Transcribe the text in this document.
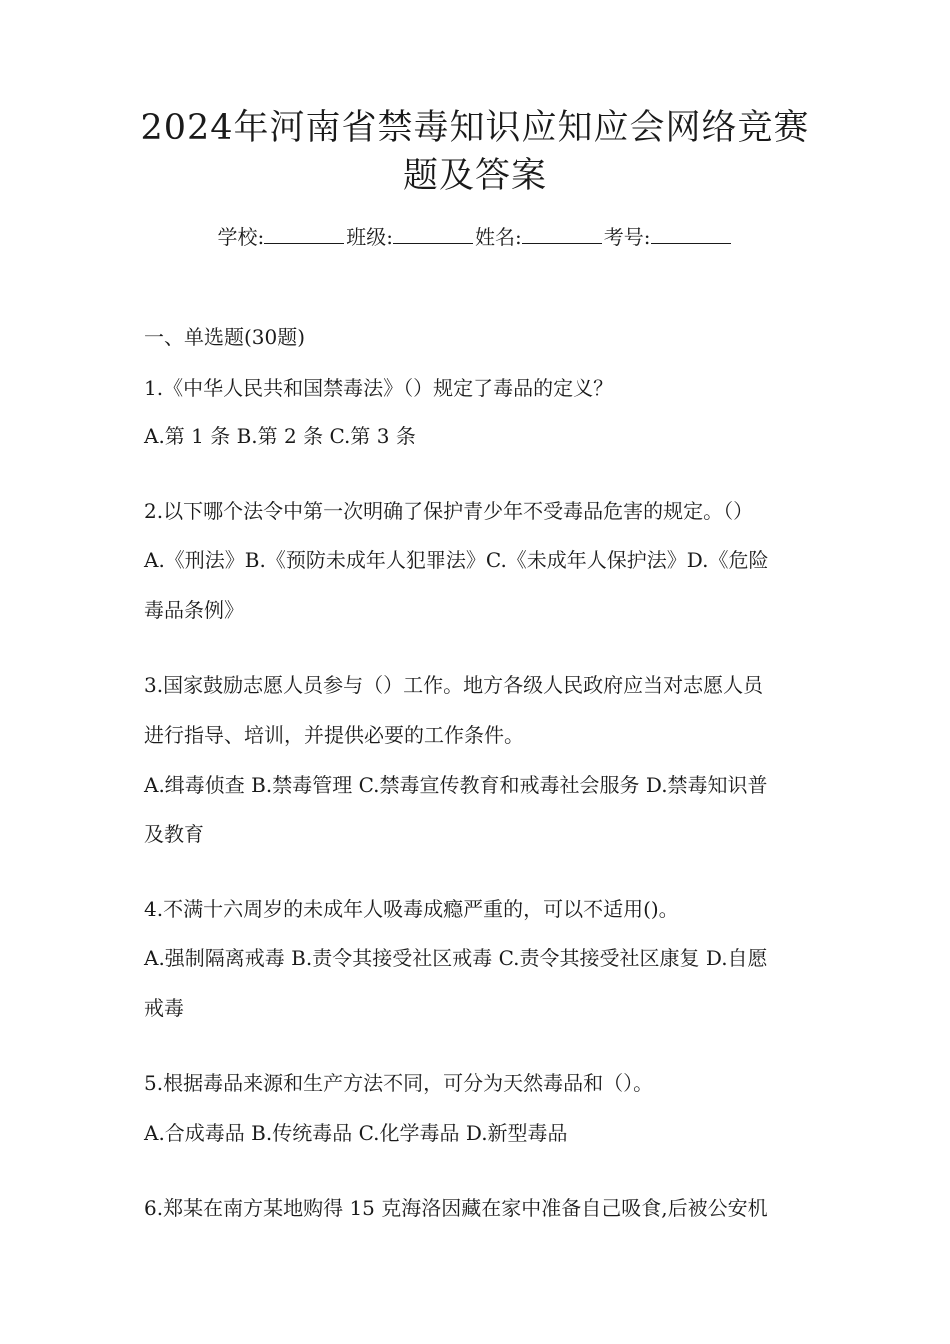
2024年河南省禁毒知识应知应会网络竞赛
题及答案
学校:	班级:	姓名:	考号:
一、单选题(30题)
1.《中华人民共和国禁毒法》（）规定了毒品的定义？
A.第 1 条 B.第 2 条 C.第 3 条
2.以下哪个法令中第一次明确了保护青少年不受毒品危害的规定。（）
A.《刑法》B.《预防未成年人犯罪法》C.《未成年人保护法》D.《危险
毒品条例》
3.国家鼓励志愿人员参与（）工作。地方各级人民政府应当对志愿人员
进行指导、培训，并提供必要的工作条件。
A.缉毒侦查 B.禁毒管理 C.禁毒宣传教育和戒毒社会服务 D.禁毒知识普
及教育
4.不满十六周岁的未成年人吸毒成瘾严重的，可以不适用()。
A.强制隔离戒毒 B.责令其接受社区戒毒 C.责令其接受社区康复 D.自愿
戒毒
5.根据毒品来源和生产方法不同，可分为天然毒品和（）。
A.合成毒品 B.传统毒品 C.化学毒品 D.新型毒品
6.郑某在南方某地购得 15 克海洛因藏在家中准备自己吸食,后被公安机
